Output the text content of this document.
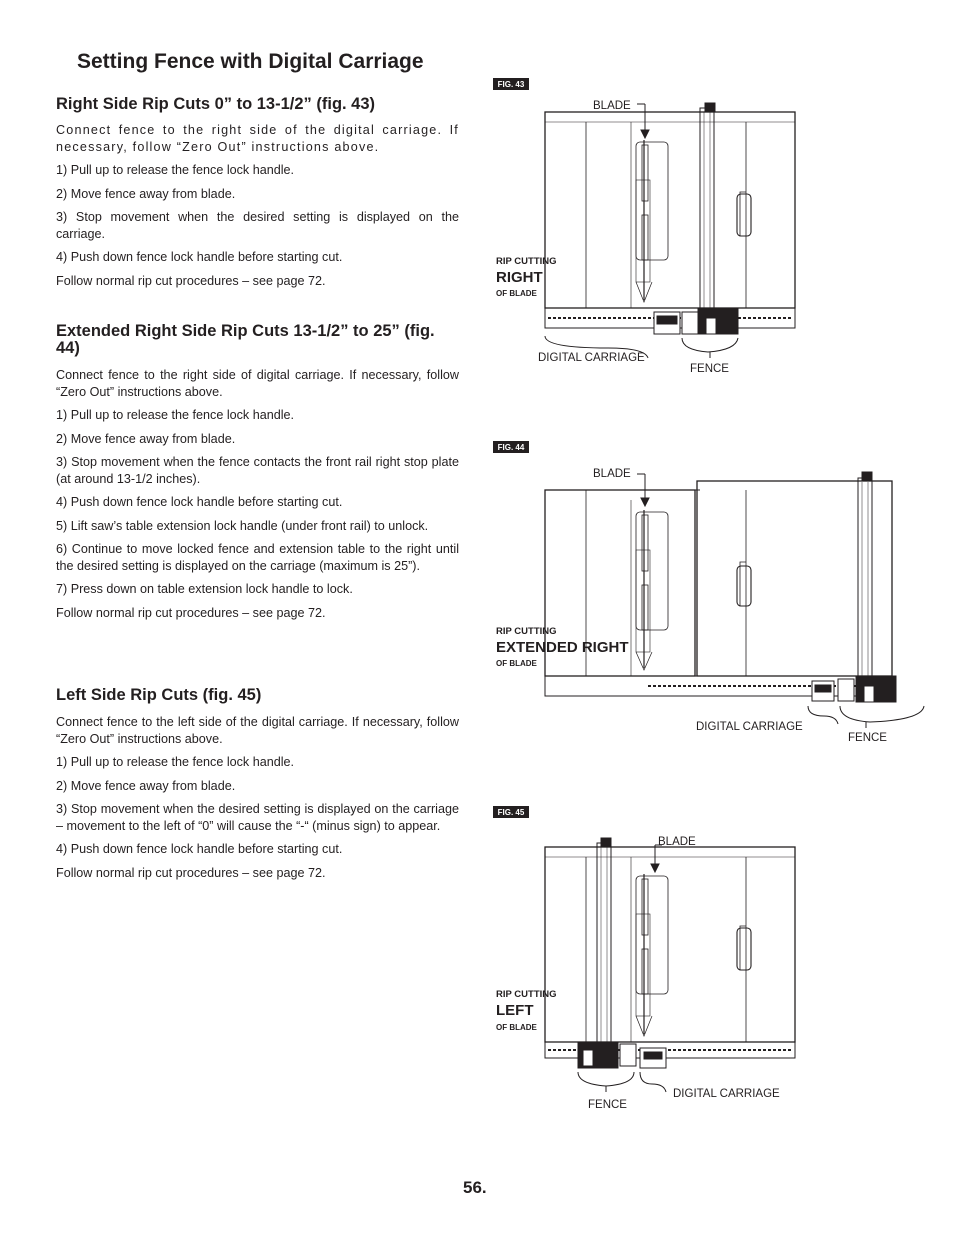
Setting Fence with Digital Carriage
Right Side Rip Cuts 0” to 13-1/2” (fig. 43)

Connect fence to the right side of the digital carriage. If necessary, follow “Zero Out” instructions above.

1) Pull up to release the fence lock handle.

2) Move fence away from blade.

3) Stop movement when the desired setting is displayed on the carriage.

4) Push down fence lock handle before starting cut.

Follow normal rip cut procedures – see page 72.

Extended Right Side Rip Cuts 13-1/2” to 25” (fig. 44)

Connect fence to the right side of digital carriage. If necessary, follow “Zero Out” instructions above.

1) Pull up to release the fence lock handle.

2) Move fence away from blade.

3) Stop movement when the fence contacts the front rail right stop plate (at around 13-1/2 inches).

4) Push down fence lock handle before starting cut.

5) Lift saw’s table extension lock handle (under front rail) to unlock.

6) Continue to move locked fence and extension table to the right until the desired setting is displayed on the carriage (maximum is 25”).

7) Press down on table extension lock handle to lock.

Follow normal rip cut procedures – see page 72.

Left Side Rip Cuts (fig. 45)

Connect fence to the left side of the digital carriage. If necessary, follow “Zero Out” instructions above.

1) Pull up to release the fence lock handle.

2) Move fence away from blade.

3) Stop movement when the desired setting is displayed on the carriage – movement to the left of “0” will cause the “-“ (minus sign) to appear.

4) Push down fence lock handle before starting cut.

Follow normal rip cut procedures – see page 72.

56.
FIG. 43
BLADE
RIP CUTTING
RIGHT
OF BLADE
DIGITAL CARRIAGE
FENCE
FIG. 44
BLADE
RIP CUTTING
EXTENDED RIGHT
OF BLADE
DIGITAL CARRIAGE
FENCE
FIG. 45
BLADE
RIP CUTTING
LEFT
OF BLADE
DIGITAL CARRIAGE
FENCE
